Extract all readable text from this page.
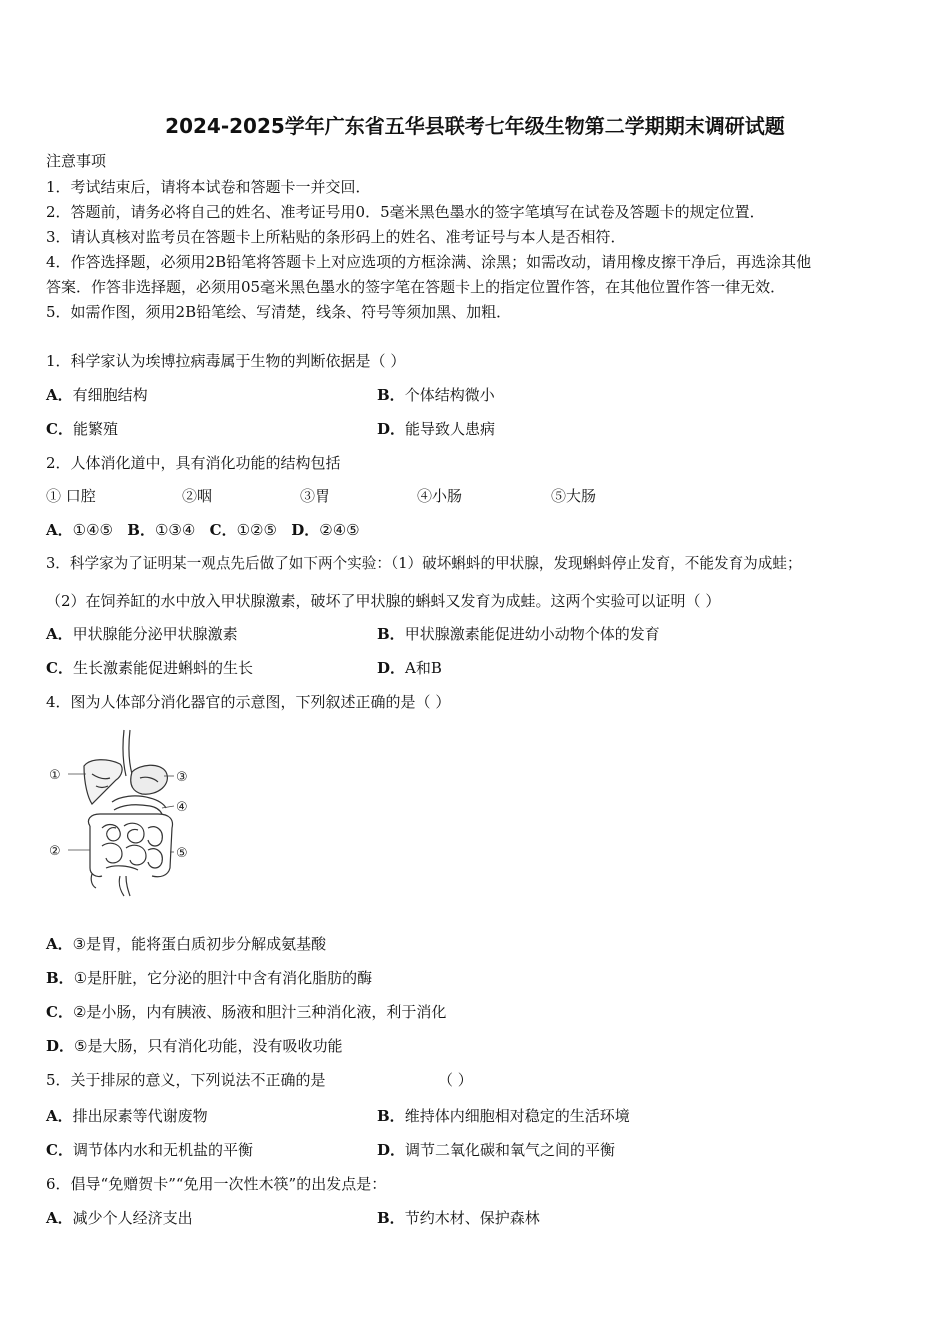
2024-2025学年广东省五华县联考七年级生物第二学期期末调研试题
注意事项
1．考试结束后，请将本试卷和答题卡一并交回．
2．答题前，请务必将自己的姓名、准考证号用0．5毫米黑色墨水的签字笔填写在试卷及答题卡的规定位置．
3．请认真核对监考员在答题卡上所粘贴的条形码上的姓名、准考证号与本人是否相符．
4．作答选择题，必须用2B铅笔将答题卡上对应选项的方框涂满、涂黑；如需改动，请用橡皮擦干净后，再选涂其他
答案．作答非选择题，必须用05毫米黑色墨水的签字笔在答题卡上的指定位置作答，在其他位置作答一律无效．
5．如需作图，须用2B铅笔绘、写清楚，线条、符号等须加黑、加粗．
1．科学家认为埃博拉病毒属于生物的判断依据是（ ）
A．有细胞结构	B．个体结构微小
C．能繁殖	D．能导致人患病
2．人体消化道中，具有消化功能的结构包括
① 口腔	②咽	③胃	④小肠	⑤大肠
A．①④⑤ B．①③④ C．①②⑤ D．②④⑤
3．科学家为了证明某一观点先后做了如下两个实验：（1）破坏蝌蚪的甲状腺，发现蝌蚪停止发育，不能发育为成蛙；
（2）在饲养缸的水中放入甲状腺激素，破坏了甲状腺的蝌蚪又发育为成蛙。这两个实验可以证明（ ）
A．甲状腺能分泌甲状腺激素	B．甲状腺激素能促进幼小动物个体的发育
C．生长激素能促进蝌蚪的生长	D．A和B
4．图为人体部分消化器官的示意图，下列叙述正确的是（ ）
①
②
③
④
⑤
A．③是胃，能将蛋白质初步分解成氨基酸
B．①是肝脏，它分泌的胆汁中含有消化脂肪的酶
C．②是小肠，内有胰液、肠液和胆汁三种消化液，利于消化
D．⑤是大肠，只有消化功能，没有吸收功能
5．关于排尿的意义，下列说法不正确的是	（ ）
A．排出尿素等代谢废物	B．维持体内细胞相对稳定的生活环境
C．调节体内水和无机盐的平衡	D．调节二氧化碳和氧气之间的平衡
6．倡导“免赠贺卡”“免用一次性木筷”的出发点是：
A．减少个人经济支出	B．节约木材、保护森林
